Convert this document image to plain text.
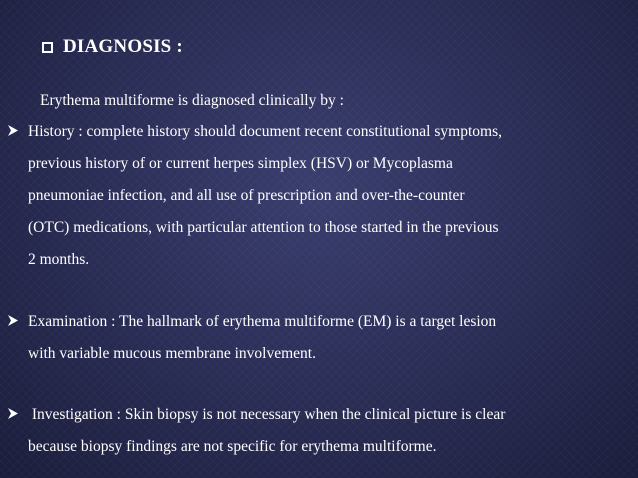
DIAGNOSIS :
Erythema multiforme is diagnosed clinically by :
History : complete history should document recent constitutional symptoms,
previous history of or current herpes simplex (HSV) or Mycoplasma
pneumoniae infection, and all use of prescription and over-the-counter
(OTC) medications, with particular attention to those started in the previous
2 months.
Examination : The hallmark of erythema multiforme (EM) is a target lesion
with variable mucous membrane involvement.
Investigation : Skin biopsy is not necessary when the clinical picture is clear
because biopsy findings are not specific for erythema multiforme.
